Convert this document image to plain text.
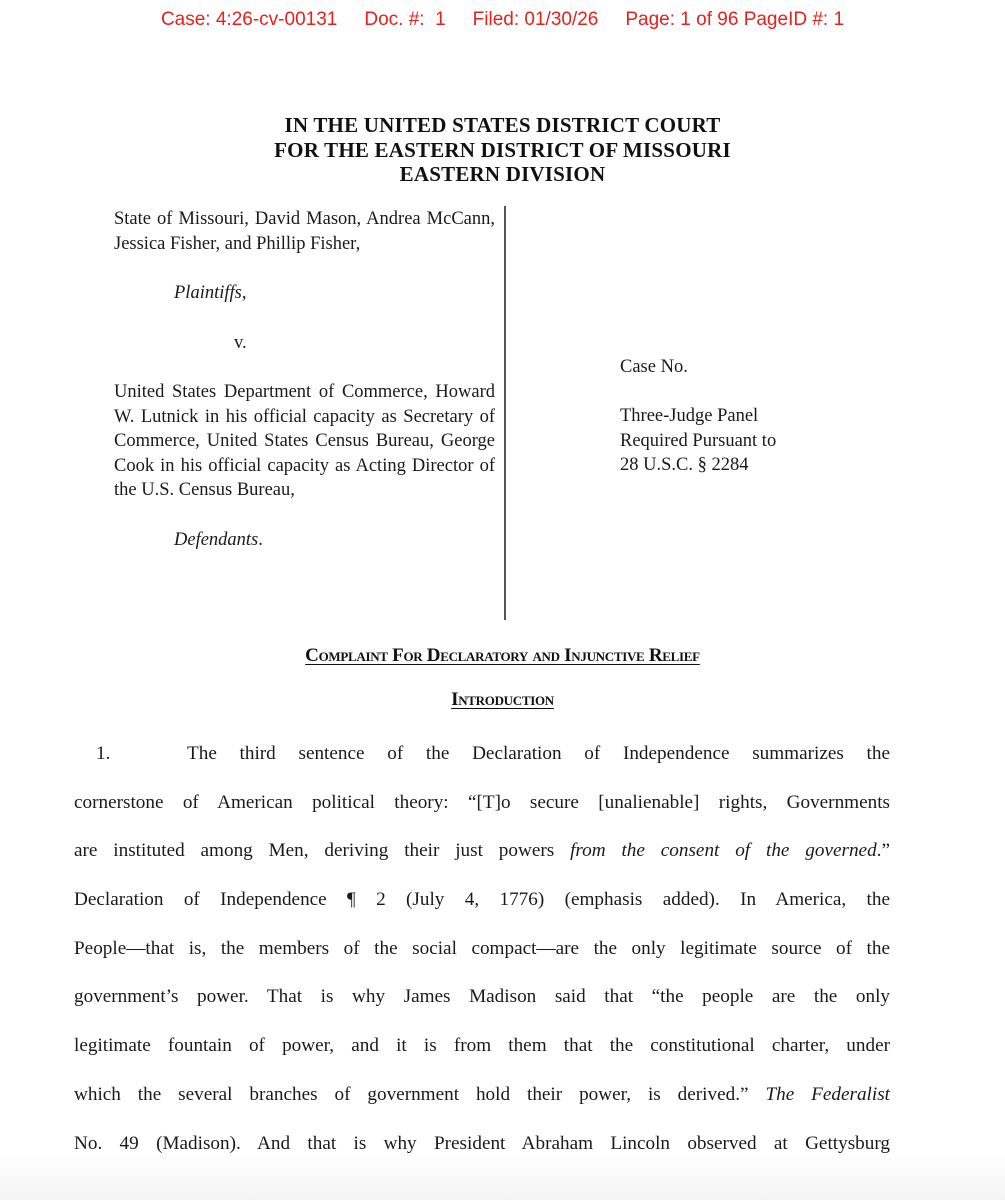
Case: 4:26-cv-00131 Doc. #:  1 Filed: 01/30/26 Page: 1 of 96 PageID #: 1
IN THE UNITED STATES DISTRICT COURT
FOR THE EASTERN DISTRICT OF MISSOURI
EASTERN DIVISION
State of Missouri, David Mason, Andrea McCann, Jessica Fisher, and Phillip Fisher,
Plaintiffs,
v.
United States Department of Commerce, Howard W. Lutnick in his official capacity as Secretary of Commerce, United States Census Bureau, George Cook in his official capacity as Acting Director of the U.S. Census Bureau,
Defendants.
Case No.
Three-Judge Panel
Required Pursuant to
28 U.S.C. § 2284
Complaint For Declaratory and Injunctive Relief
Introduction
1.	The third sentence of the Declaration of Independence summarizes the
cornerstone of American political theory: “[T]o secure [unalienable] rights, Governments
are instituted among Men, deriving their just powers from the consent of the governed.”
Declaration of Independence ¶ 2 (July 4, 1776) (emphasis added). In America, the
People—that is, the members of the social compact—are the only legitimate source of the
government’s power. That is why James Madison said that “the people are the only
legitimate fountain of power, and it is from them that the constitutional charter, under
which the several branches of government hold their power, is derived.” The Federalist
No. 49 (Madison). And that is why President Abraham Lincoln observed at Gettysburg
